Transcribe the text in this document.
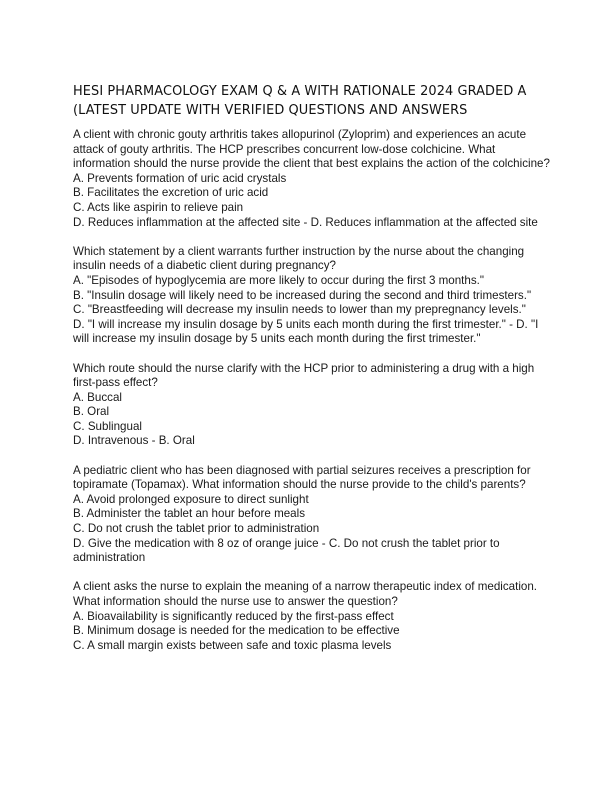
HESI PHARMACOLOGY EXAM Q & A WITH RATIONALE 2024 GRADED A
(LATEST UPDATE WITH VERIFIED QUESTIONS AND ANSWERS

A client with chronic gouty arthritis takes allopurinol (Zyloprim) and experiences an acute attack of gouty arthritis. The HCP prescribes concurrent low-dose colchicine. What information should the nurse provide the client that best explains the action of the colchicine?

A. Prevents formation of uric acid crystals

B. Facilitates the excretion of uric acid

C. Acts like aspirin to relieve pain

D. Reduces inflammation at the affected site - D. Reduces inflammation at the affected site

Which statement by a client warrants further instruction by the nurse about the changing insulin needs of a diabetic client during pregnancy?

A. "Episodes of hypoglycemia are more likely to occur during the first 3 months."

B. "Insulin dosage will likely need to be increased during the second and third trimesters."

C. "Breastfeeding will decrease my insulin needs to lower than my prepregnancy levels."

D. "I will increase my insulin dosage by 5 units each month during the first trimester." - D. "I will increase my insulin dosage by 5 units each month during the first trimester."

Which route should the nurse clarify with the HCP prior to administering a drug with a high first-pass effect?

A. Buccal

B. Oral

C. Sublingual

D. Intravenous - B. Oral

A pediatric client who has been diagnosed with partial seizures receives a prescription for topiramate (Topamax). What information should the nurse provide to the child's parents?

A. Avoid prolonged exposure to direct sunlight

B. Administer the tablet an hour before meals

C. Do not crush the tablet prior to administration

D. Give the medication with 8 oz of orange juice - C. Do not crush the tablet prior to administration

A client asks the nurse to explain the meaning of a narrow therapeutic index of medication. What information should the nurse use to answer the question?

A. Bioavailability is significantly reduced by the first-pass effect

B. Minimum dosage is needed for the medication to be effective

C. A small margin exists between safe and toxic plasma levels
